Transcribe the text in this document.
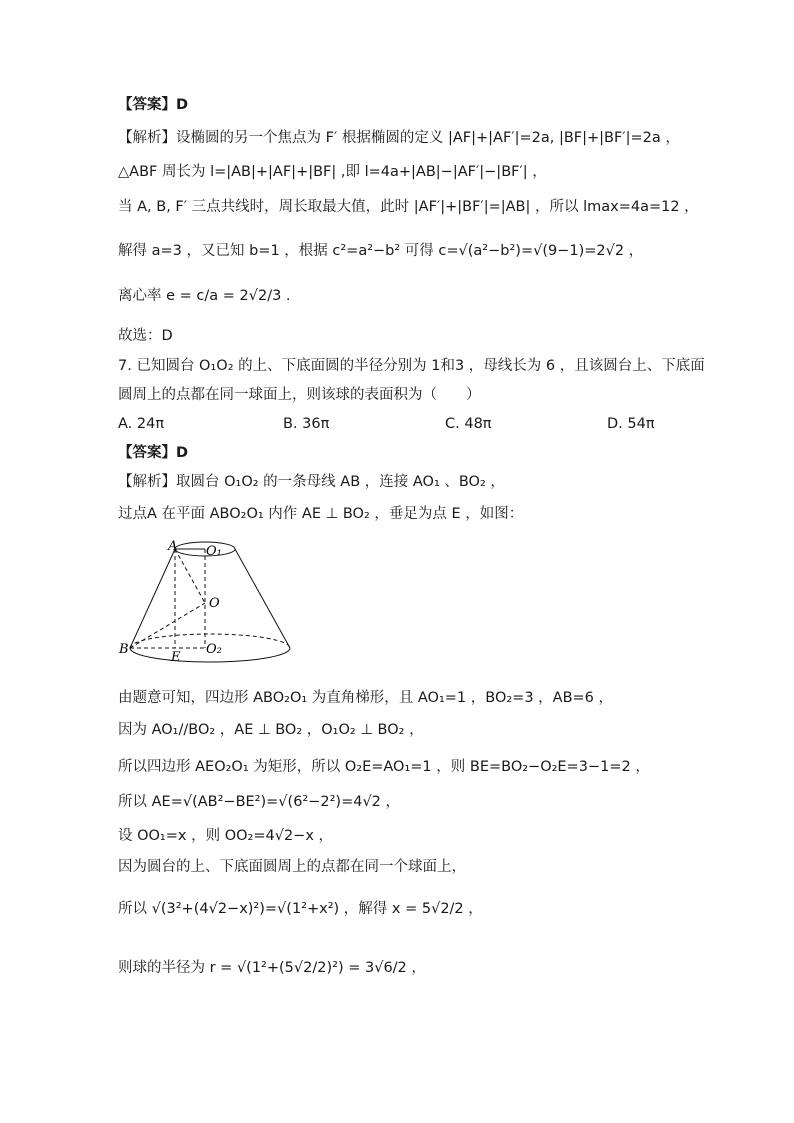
【答案】D
【解析】设椭圆的另一个焦点为 F′ 根据椭圆的定义 |AF|+|AF′|=2a, |BF|+|BF′|=2a ，
△ABF 周长为 l=|AB|+|AF|+|BF| ,即 l=4a+|AB|−|AF′|−|BF′| ，
当 A, B, F′ 三点共线时，周长取最大值，此时 |AF′|+|BF′|=|AB| ，所以 lmax=4a=12 ，
解得 a=3 ，又已知 b=1 ，根据 c²=a²−b² 可得 c=√(a²−b²)=√(9−1)=2√2 ，
离心率 e = c/a = 2√2/3 .
故选：D
7. 已知圆台 O₁O₂ 的上、下底面圆的半径分别为 1和3 ，母线长为 6 ，且该圆台上、下底面
圆周上的点都在同一球面上，则该球的表面积为（　　）
A. 24π	B. 36π	C. 48π	D. 54π
【答案】D
【解析】取圆台 O₁O₂ 的一条母线 AB ，连接 AO₁ 、BO₂ ，
过点A 在平面 ABO₂O₁ 内作 AE ⊥ BO₂ ，垂足为点 E ，如图：
A O₁
O
B
E
O₂
由题意可知，四边形 ABO₂O₁ 为直角梯形，且 AO₁=1 ，BO₂=3 ，AB=6 ，
因为 AO₁//BO₂ ，AE ⊥ BO₂ ，O₁O₂ ⊥ BO₂ ，
所以四边形 AEO₂O₁ 为矩形，所以 O₂E=AO₁=1 ，则 BE=BO₂−O₂E=3−1=2 ，
所以 AE=√(AB²−BE²)=√(6²−2²)=4√2 ，
设 OO₁=x ，则 OO₂=4√2−x ，
因为圆台的上、下底面圆周上的点都在同一个球面上，
所以 √(3²+(4√2−x)²)=√(1²+x²) ，解得 x = 5√2/2 ，
则球的半径为 r = √(1²+(5√2/2)²) = 3√6/2 ，
